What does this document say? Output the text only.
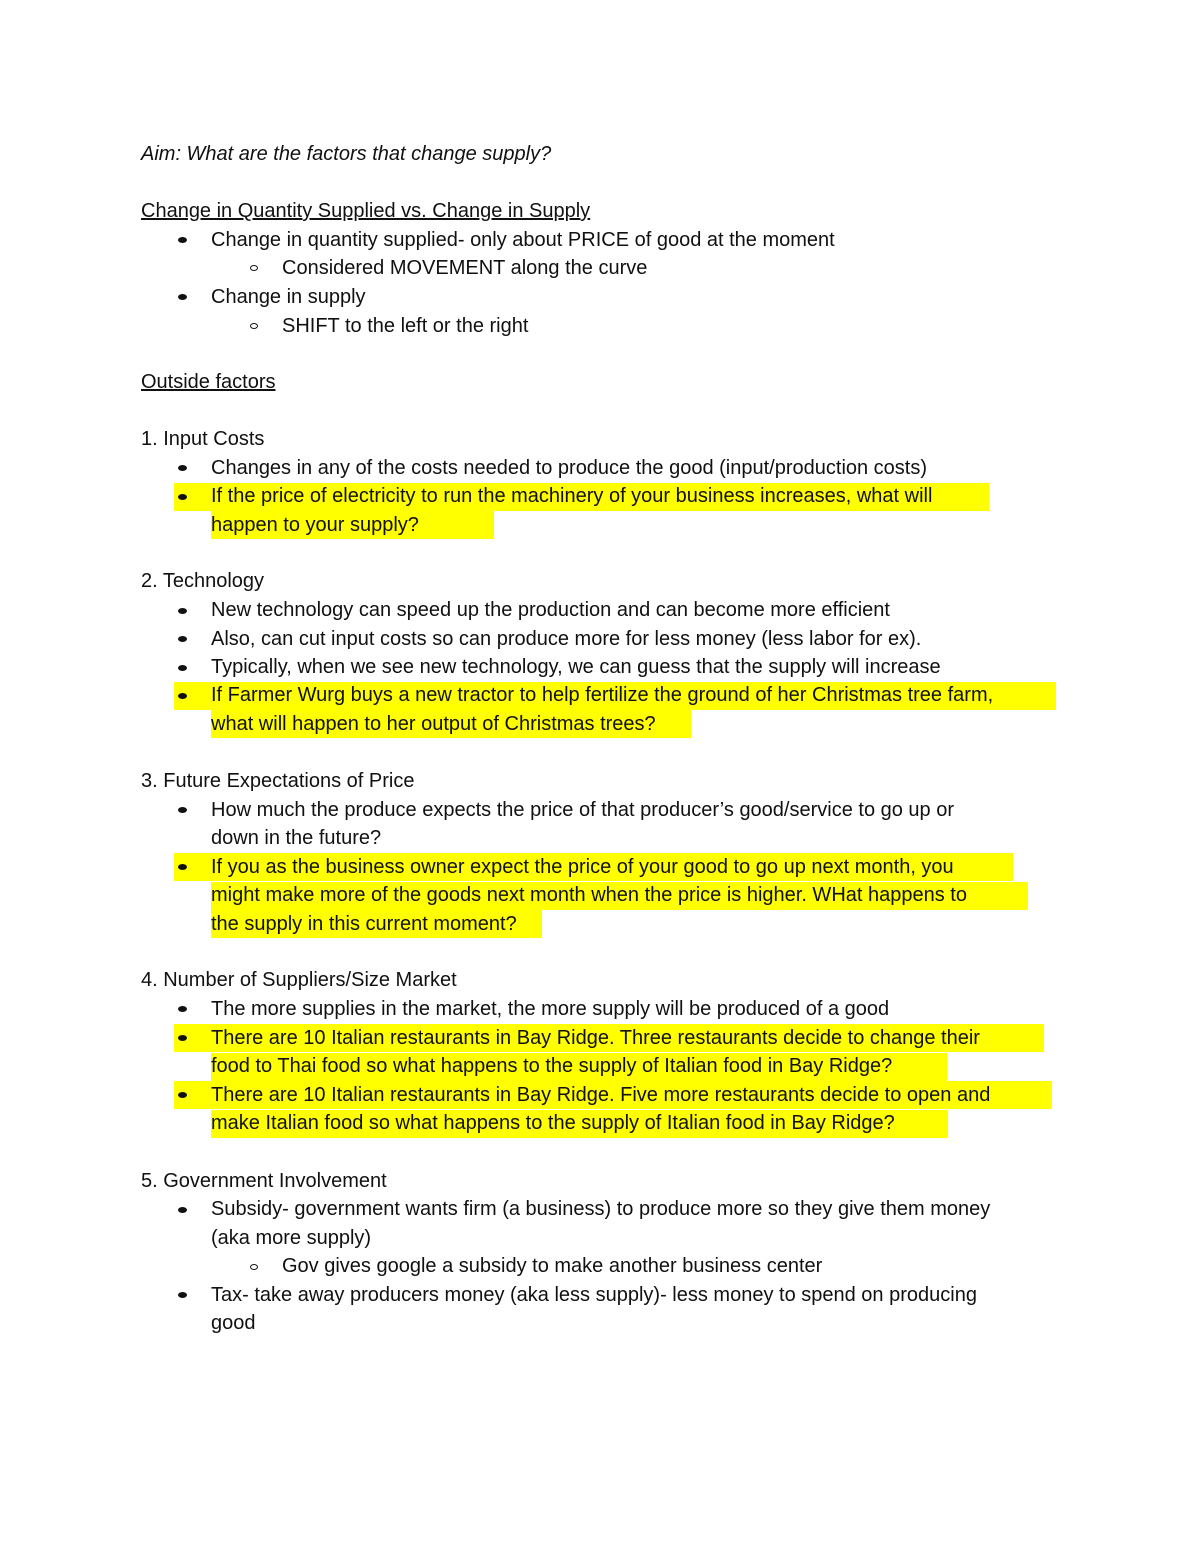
Aim: What are the factors that change supply?
Change in Quantity Supplied vs. Change in Supply
Change in quantity supplied- only about PRICE of good at the moment
Considered MOVEMENT along the curve
Change in supply
SHIFT to the left or the right
Outside factors
1. Input Costs
Changes in any of the costs needed to produce the good (input/production costs)
If the price of electricity to run the machinery of your business increases, what will
happen to your supply?
2. Technology
New technology can speed up the production and can become more efficient
Also, can cut input costs so can produce more for less money (less labor for ex).
Typically, when we see new technology, we can guess that the supply will increase
If Farmer Wurg buys a new tractor to help fertilize the ground of her Christmas tree farm,
what will happen to her output of Christmas trees?
3. Future Expectations of Price
How much the produce expects the price of that producer’s good/service to go up or
down in the future?
If you as the business owner expect the price of your good to go up next month, you
might make more of the goods next month when the price is higher. WHat happens to
the supply in this current moment?
4. Number of Suppliers/Size Market
The more supplies in the market, the more supply will be produced of a good
There are 10 Italian restaurants in Bay Ridge. Three restaurants decide to change their
food to Thai food so what happens to the supply of Italian food in Bay Ridge?
There are 10 Italian restaurants in Bay Ridge. Five more restaurants decide to open and
make Italian food so what happens to the supply of Italian food in Bay Ridge?
5. Government Involvement
Subsidy- government wants firm (a business) to produce more so they give them money
(aka more supply)
Gov gives google a subsidy to make another business center
Tax- take away producers money (aka less supply)- less money to spend on producing
good
